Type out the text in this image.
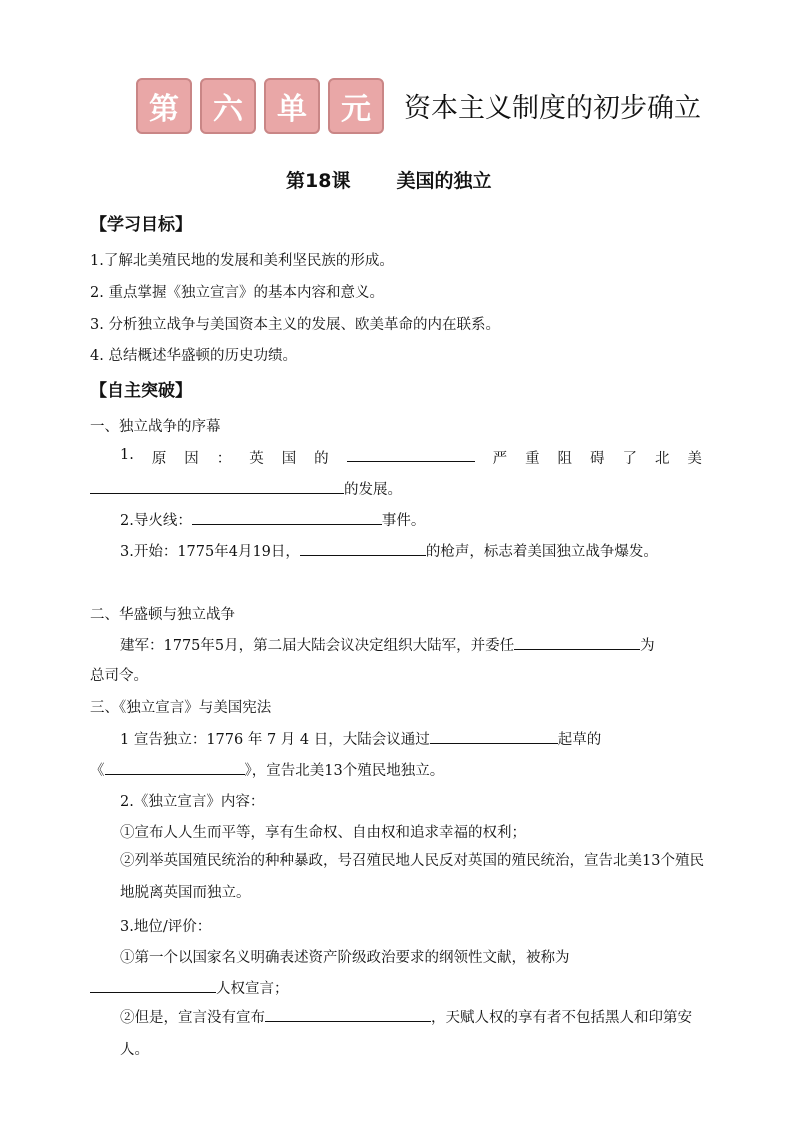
第	六	单	元	资本主义制度的初步确立
第18课 美国的独立
【学习目标】
1.了解北美殖民地的发展和美利坚民族的形成。
2. 重点掌握《独立宣言》的基本内容和意义。
3. 分析独立战争与美国资本主义的发展、欧美革命的内在联系。
4. 总结概述华盛顿的历史功绩。
【自主突破】
一、独立战争的序幕
1. 原 因 ： 英 国 的	严 重 阻 碍 了 北 美
的发展。
2.导火线：	事件。
3.开始：1775年4月19日，	的枪声，标志着美国独立战争爆发。
二、华盛顿与独立战争
建军：1775年5月，第二届大陆会议决定组织大陆军，并委任	为
总司令。
三、《独立宣言》与美国宪法
1 宣告独立：1776 年 7 月 4 日，大陆会议通过	起草的
《	》，宣告北美13个殖民地独立。
2.《独立宣言》内容：
①宣布人人生而平等，享有生命权、自由权和追求幸福的权利；
②列举英国殖民统治的种种暴政，号召殖民地人民反对英国的殖民统治，宣告北美13个殖民地脱离英国而独立。
3.地位/评价：
①第一个以国家名义明确表述资产阶级政治要求的纲领性文献，被称为
人权宣言；
②但是，宣言没有宣布	，天赋人权的享有者不包括黑人和印第安人。
